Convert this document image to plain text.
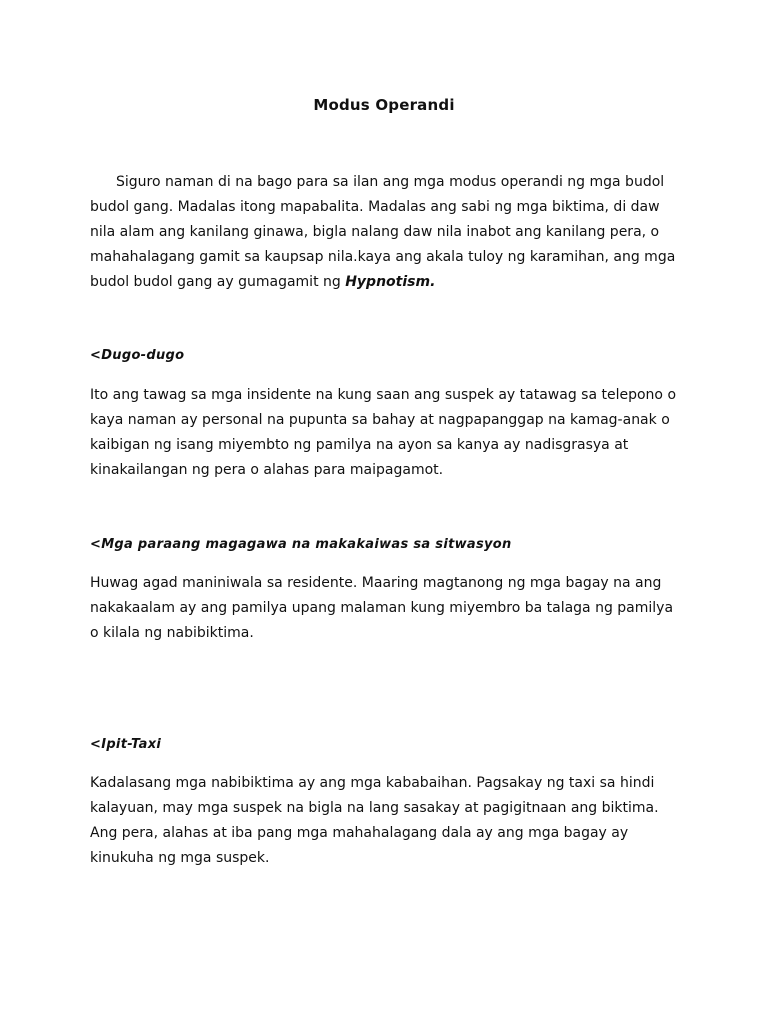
Modus Operandi

Siguro naman di na bago para sa ilan ang mga modus operandi ng mga budol budol gang. Madalas itong mapabalita. Madalas ang sabi ng mga biktima, di daw nila alam ang kanilang ginawa, bigla nalang daw nila inabot ang kanilang pera, o mahahalagang gamit sa kaupsap nila.kaya ang akala tuloy ng karamihan, ang mga budol budol gang ay gumagamit ng Hypnotism.

<Dugo-dugo

Ito ang tawag sa mga insidente na kung saan ang suspek ay tatawag sa telepono o kaya naman ay personal na pupunta sa bahay at nagpapanggap na kamag-anak o kaibigan ng isang miyembto ng pamilya na ayon sa kanya ay nadisgrasya at kinakailangan ng pera o alahas para maipagamot.

<Mga paraang magagawa na makakaiwas sa sitwasyon

Huwag agad maniniwala sa residente. Maaring magtanong ng mga bagay na ang nakakaalam ay ang pamilya upang malaman kung miyembro ba talaga ng pamilya o kilala ng nabibiktima.

<Ipit-Taxi

Kadalasang mga nabibiktima ay ang mga kababaihan. Pagsakay ng taxi sa hindi kalayuan, may mga suspek na bigla na lang sasakay at pagigitnaan ang biktima. Ang pera, alahas at iba pang mga mahahalagang dala ay ang mga bagay ay kinukuha ng mga suspek.
